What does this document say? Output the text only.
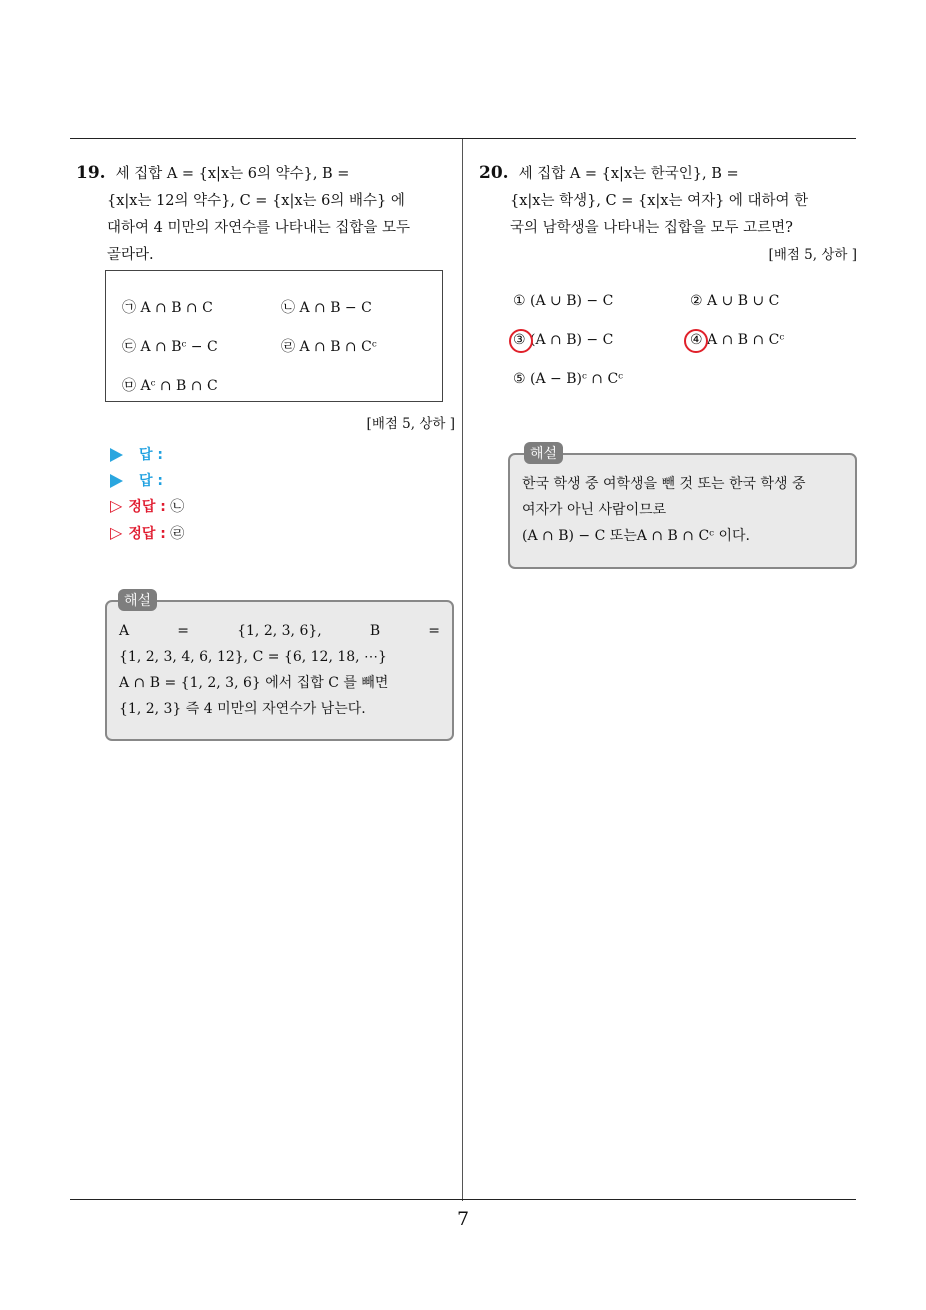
19. 세 집합 A = {x|x는 6의 약수}, B =
{x|x는 12의 약수}, C = {x|x는 6의 배수} 에
대하여 4 미만의 자연수를 나타내는 집합을 모두
골라라.
㉠ A ∩ B ∩ C	㉡ A ∩ B − C
㉢ A ∩ Bᶜ − C	㉣ A ∩ B ∩ Cᶜ
㉤ Aᶜ ∩ B ∩ C
[배점 5, 상하 ]
답 :
답 :
▷ 정답 : ㉡
▷ 정답 : ㉣
A	=	{1, 2, 3, 6},	B	=
{1, 2, 3, 4, 6, 12}, C = {6, 12, 18, ⋯}
A ∩ B = {1, 2, 3, 6} 에서 집합 C 를 빼면
{1, 2, 3} 즉 4 미만의 자연수가 남는다.
해설
20. 세 집합 A = {x|x는 한국인}, B =
{x|x는 학생}, C = {x|x는 여자} 에 대하여 한
국의 남학생을 나타내는 집합을 모두 고르면?
[배점 5, 상하 ]
① (A ∪ B) − C	② A ∪ B ∪ C
③ (A ∩ B) − C	④ A ∩ B ∩ Cᶜ
⑤ (A − B)ᶜ ∩ Cᶜ
한국 학생 중 여학생을 뺀 것 또는 한국 학생 중
여자가 아닌 사람이므로
(A ∩ B) − C 또는A ∩ B ∩ Cᶜ 이다.
해설
7
